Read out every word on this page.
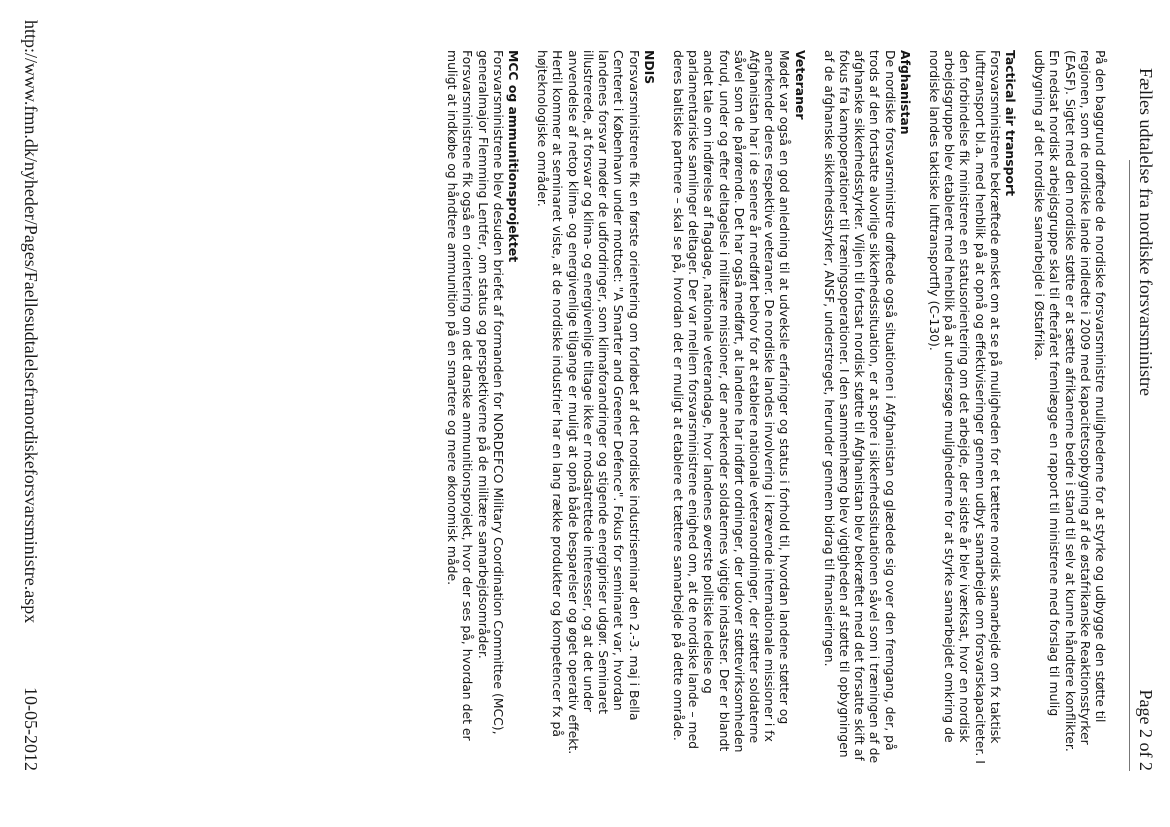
Fælles udtalelse fra nordiske forsvarsministre
Page 2 of 2

På den baggrund drøftede de nordiske forsvarsministre mulighederne for at styrke og udbygge den støtte til regionen, som de nordiske lande indledte i 2009 med kapacitetsopbygning af de østafrikanske Reaktionsstyrker (EASF). Sigtet med den nordiske støtte er at sætte afrikanerne bedre i stand til selv at kunne håndtere konflikter. En nedsat nordisk arbejdsgruppe skal til efteråret fremlægge en rapport til ministrene med forslag til mulig udbygning af det nordiske samarbejde i Østafrika.

Tactical air transport

Forsvarsministrene bekræftede ønsket om at se på muligheden for et tættere nordisk samarbejde om fx taktisk lufttransport bl.a. med henblik på at opnå og effektiviseringer gennem udbyt samarbejde om forsvarskapaciteter. I den forbindelse fik ministrene en statusorientering om det arbejde, der sidste år blev iværksat, hvor en nordisk arbejdsgruppe blev etableret med henblik på at undersøge mulighederne for at styrke samarbejdet omkring de nordiske landes taktiske lufttransportfly (C-130).

Afghanistan

De nordiske forsvarsministre drøftede også situationen i Afghanistan og glædede sig over den fremgang, der, på trods af den fortsatte alvorlige sikkerhedssituation, er at spore i sikkerhedssituationen såvel som i træningen af de afghanske sikkerhedsstyrker. Viljen til fortsat nordisk støtte til Afghanistan blev bekræftet med det forsatte skift af fokus fra kampoperationer til træningsoperationer. I den sammenhæng blev vigtigheden af støtte til opbygningen af de afghanske sikkerhedsstyrker, ANSF, understreget, herunder gennem bidrag til finansieringen.

Veteraner

Mødet var også en god anledning til at udveksle erfaringer og status i forhold til, hvordan landene støtter og anerkender deres respektive veteraner. De nordiske landes involvering i krævende internationale missioner i fx Afghanistan har i de senere år medført behov for at etablere nationale veteranordninger, der støtter soldaterne såvel som de pårørende. Det har også medført, at landene har indført ordninger, der udover støttevirksomheden forud, under og efter deltagelse i militære missioner, der anerkender soldaternes vigtige indsatser. Der er blandt andet tale om indførelse af flagdage, nationale veterandage, hvor landenes øverste politiske ledelse og parlamentariske samlinger deltager. Der var mellem forsvarsministrene enighed om, at de nordiske lande – med deres baltiske partnere – skal se på, hvordan det er muligt at etablere et tættere samarbejde på dette område.

NDIS

Forsvarsministrene fik en første orientering om forløbet af det nordiske industriseminar den 2.-3. maj i Bella Centeret i København under mottoet: "A Smarter and Greener Defence". Fokus for seminaret var, hvordan landenes forsvar møder de udfordringer, som klimaforandringer og stigende energipriser udgør. Seminaret illustrerede, at forsvar og klima- og energivenlige tiltage ikke er modsatrettede interesser, og at det under anvendelse af netop klima- og energivenlige tilgange er muligt at opnå både besparelser og øget operativ effekt. Hertil kommer at seminaret viste, at de nordiske industrier har en lang række produkter og kompetencer fx på højteknologiske områder.

MCC og ammunitionsprojektet

Forsvarsministrene blev desuden briefet af formanden for NORDEFCO Military Coordination Committee (MCC), generalmajor Flemming Lentfer, om status og perspektiverne på de militære samarbejdsområder. Forsvarsministrene fik også en orientering om det danske ammunitionsprojekt, hvor der ses på, hvordan det er muligt at indkøbe og håndtere ammunition på en smartere og mere økonomisk måde.

http://www.fmn.dk/nyheder/Pages/Faellesudtalelsefranordiskeforsvarsministre.aspx
10-05-2012
